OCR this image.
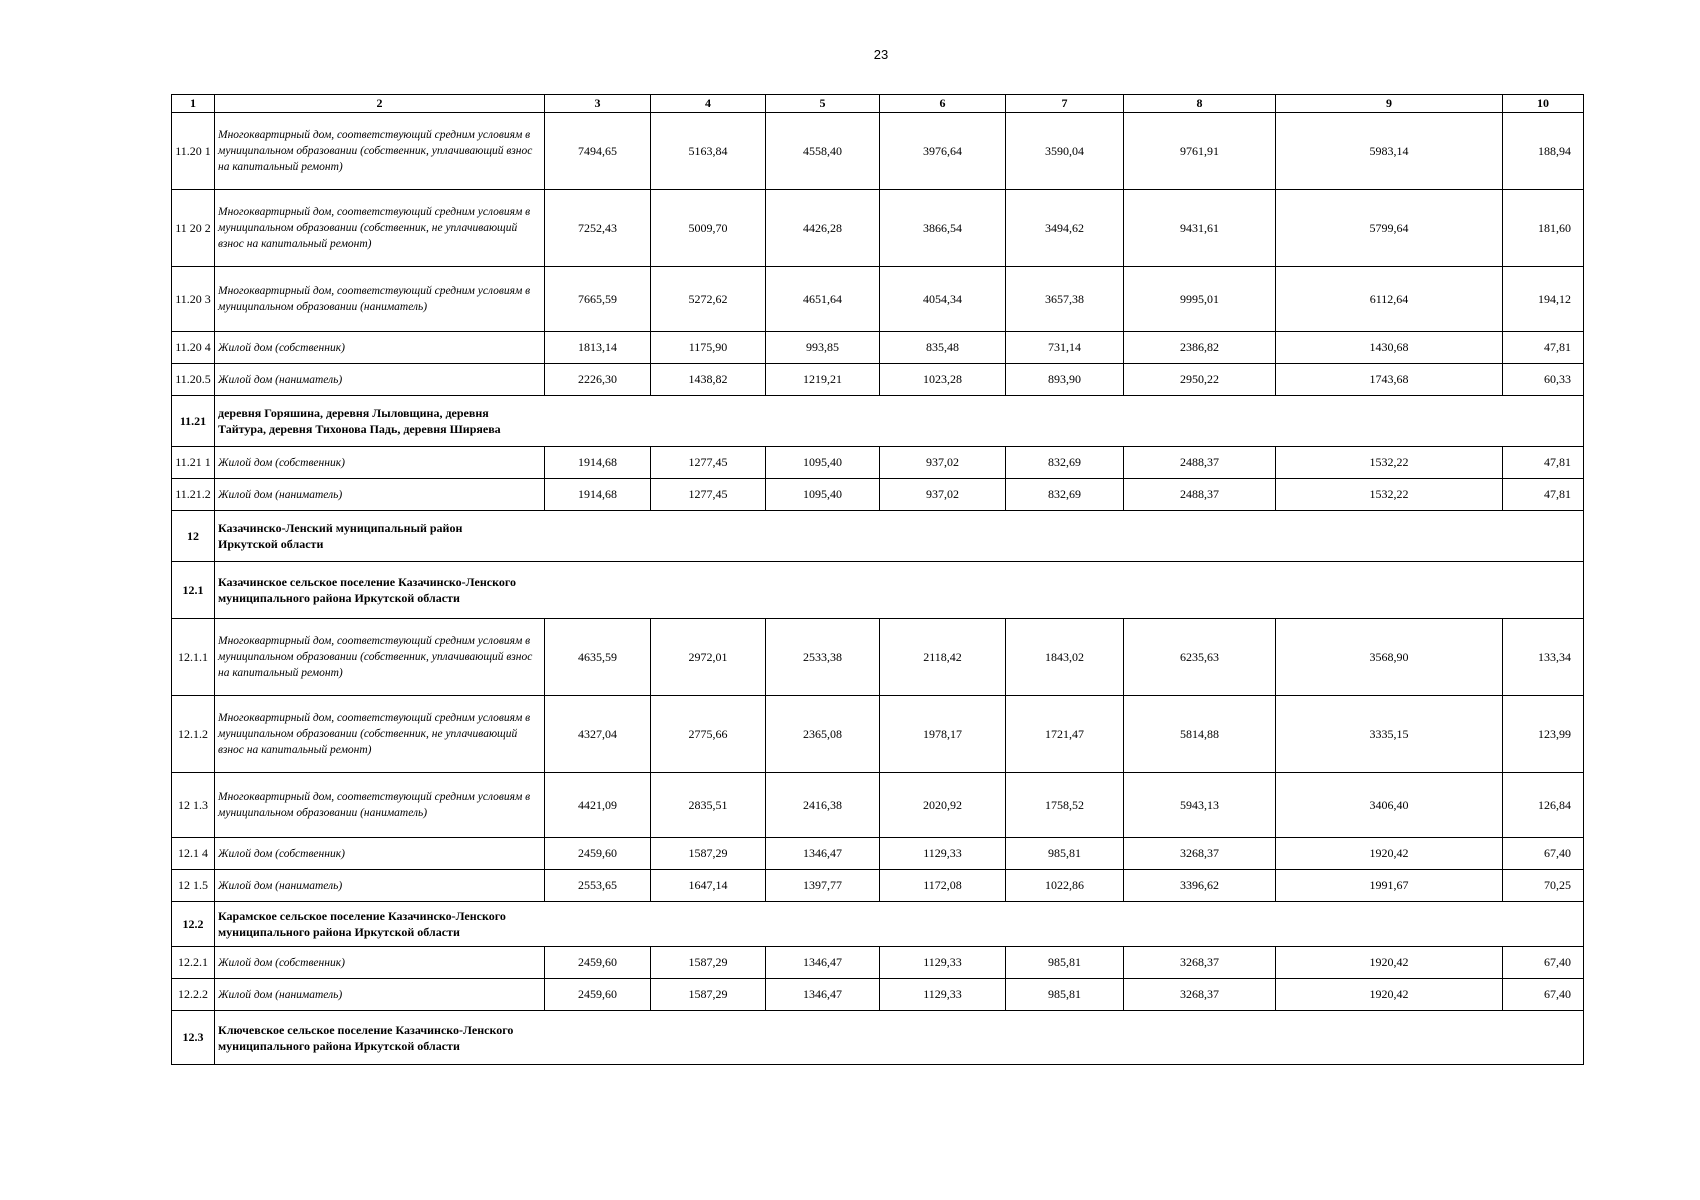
23
1	2	3	4	5	6	7	8	9	10
11.20 1	Многоквартирный дом, соответствующий средним условиям в муниципальном образовании (собственник, уплачивающий взнос на капитальный ремонт)	7494,65	5163,84	4558,40	3976,64	3590,04	9761,91	5983,14	188,94
11 20 2	Многоквартирный дом, соответствующий средним условиям в муниципальном образовании (собственник, не уплачивающий взнос на капитальный ремонт)	7252,43	5009,70	4426,28	3866,54	3494,62	9431,61	5799,64	181,60
11.20 3	Многоквартирный дом, соответствующий средним условиям в муниципальном образовании (наниматель)	7665,59	5272,62	4651,64	4054,34	3657,38	9995,01	6112,64	194,12
11.20 4	Жилой дом (собственник)	1813,14	1175,90	993,85	835,48	731,14	2386,82	1430,68	47,81
11.20.5	Жилой дом (наниматель)	2226,30	1438,82	1219,21	1023,28	893,90	2950,22	1743,68	60,33
11.21	деревня Горяшина, деревня Лыловщина, деревня Тайтура, деревня Тихонова Падь, деревня Ширяева								

11.21 1	Жилой дом (собственник)	1914,68	1277,45	1095,40	937,02	832,69	2488,37	1532,22	47,81
11.21.2	Жилой дом (наниматель)	1914,68	1277,45	1095,40	937,02	832,69	2488,37	1532,22	47,81
12	Казачинско-Ленский муниципальный район Иркутской области								

12.1	Казачинское сельское поселение Казачинско-Ленского муниципального района Иркутской области								

12.1.1	Многоквартирный дом, соответствующий средним условиям в муниципальном образовании (собственник, уплачивающий взнос на капитальный ремонт)	4635,59	2972,01	2533,38	2118,42	1843,02	6235,63	3568,90	133,34
12.1.2	Многоквартирный дом, соответствующий средним условиям в муниципальном образовании (собственник, не уплачивающий взнос на капитальный ремонт)	4327,04	2775,66	2365,08	1978,17	1721,47	5814,88	3335,15	123,99
12 1.3	Многоквартирный дом, соответствующий средним условиям в муниципальном образовании (наниматель)	4421,09	2835,51	2416,38	2020,92	1758,52	5943,13	3406,40	126,84
12.1 4	Жилой дом (собственник)	2459,60	1587,29	1346,47	1129,33	985,81	3268,37	1920,42	67,40
12 1.5	Жилой дом (наниматель)	2553,65	1647,14	1397,77	1172,08	1022,86	3396,62	1991,67	70,25
12.2	Карамское сельское поселение Казачинско-Ленского муниципального района Иркутской области								

12.2.1	Жилой дом (собственник)	2459,60	1587,29	1346,47	1129,33	985,81	3268,37	1920,42	67,40
12.2.2	Жилой дом (наниматель)	2459,60	1587,29	1346,47	1129,33	985,81	3268,37	1920,42	67,40
12.3	Ключевское сельское поселение Казачинско-Ленского муниципального района Иркутской области								
